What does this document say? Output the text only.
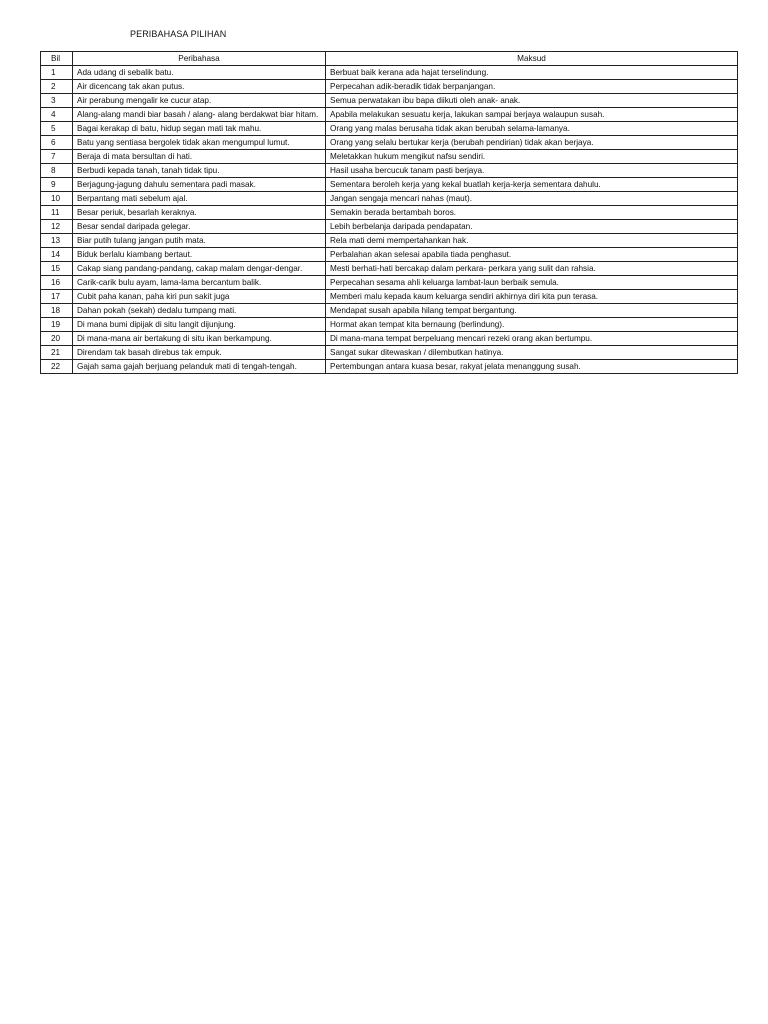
PERIBAHASA PILIHAN
Bil	Peribahasa	Maksud
1	Ada udang di sebalik batu.	Berbuat baik kerana ada hajat terselindung.
2	Air dicencang tak akan putus.	Perpecahan adik-beradik tidak berpanjangan.
3	Air perabung mengalir ke cucur atap.	Semua perwatakan ibu bapa diikuti oleh anak- anak.
4	Alang-alang mandi biar basah / alang- alang berdakwat biar hitam.	Apabila melakukan sesuatu kerja, lakukan sampai berjaya walaupun susah.
5	Bagai kerakap di batu, hidup segan mati tak mahu.	Orang yang malas berusaha tidak akan berubah selama-lamanya.
6	Batu yang sentiasa bergolek tidak akan mengumpul lumut.	Orang yang selalu bertukar kerja (berubah pendirian) tidak akan berjaya.
7	Beraja di mata bersultan di hati.	Meletakkan hukum mengikut nafsu sendiri.
8	Berbudi kepada tanah, tanah tidak tipu.	Hasil usaha bercucuk tanam pasti berjaya.
9	Berjagung-jagung dahulu sementara padi masak.	Sementara beroleh kerja yang kekal buatlah kerja-kerja sementara dahulu.
10	Berpantang mati sebelum ajal.	Jangan sengaja mencari nahas (maut).
11	Besar periuk, besarlah keraknya.	Semakin berada bertambah boros.
12	Besar sendal daripada gelegar.	Lebih berbelanja daripada pendapatan.
13	Biar putih tulang jangan putih mata.	Rela mati demi mempertahankan hak.
14	Biduk berlalu kiambang bertaut.	Perbalahan akan selesai apabila tiada penghasut.
15	Cakap siang pandang-pandang, cakap malam dengar-dengar.	Mesti berhati-hati bercakap dalam perkara- perkara yang sulit dan rahsia.
16	Carik-carik bulu ayam, lama-lama bercantum balik.	Perpecahan sesama ahli keluarga lambat-laun berbaik semula.
17	Cubit paha kanan, paha kiri pun sakit juga	Memberi malu kepada kaum keluarga sendiri akhirnya diri kita pun terasa.
18	Dahan pokah (sekah) dedalu tumpang mati.	Mendapat susah apabila hilang tempat bergantung.
19	Di mana bumi dipijak di situ langit dijunjung.	Hormat akan tempat kita bernaung (berlindung).
20	Di mana-mana air bertakung di situ ikan berkampung.	Di mana-mana tempat berpeluang mencari rezeki orang akan bertumpu.
21	Direndam tak basah direbus tak empuk.	Sangat sukar ditewaskan / dilembutkan hatinya.
22	Gajah sama gajah berjuang pelanduk mati di tengah-tengah.	Pertembungan antara kuasa besar, rakyat jelata menanggung susah.
